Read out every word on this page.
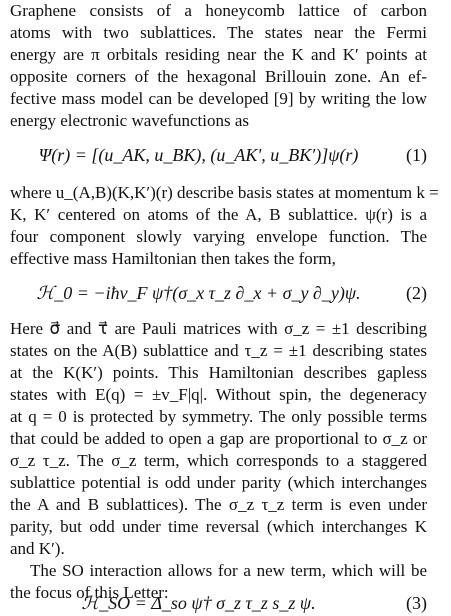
Graphene consists of a honeycomb lattice of carbon
atoms with two sublattices. The states near the Fermi
energy are π orbitals residing near the K and K′ points at
opposite corners of the hexagonal Brillouin zone. An ef-
fective mass model can be developed [9] by writing the low
energy electronic wavefunctions as
Ψ(r) = [(u_AK, u_BK), (u_AK′, u_BK′)]ψ(r)	(1)
where u_(A,B)(K,K′)(r) describe basis states at momentum k =
K, K′ centered on atoms of the A, B sublattice. ψ(r) is a
four component slowly varying envelope function. The
effective mass Hamiltonian then takes the form,
ℋ_0 = −iħv_F ψ†(σ_x τ_z ∂_x + σ_y ∂_y)ψ.	(2)
Here σ⃗ and τ⃗ are Pauli matrices with σ_z = ±1 describing
states on the A(B) sublattice and τ_z = ±1 describing states
at the K(K′) points. This Hamiltonian describes gapless
states with E(q) = ±v_F|q|. Without spin, the degeneracy
at q = 0 is protected by symmetry. The only possible terms
that could be added to open a gap are proportional to σ_z or
σ_z τ_z. The σ_z term, which corresponds to a staggered
sublattice potential is odd under parity (which interchanges
the A and B sublattices). The σ_z τ_z term is even under
parity, but odd under time reversal (which interchanges K
and K′).
The SO interaction allows for a new term, which will be
the focus of this Letter:
ℋ_SO = Δ_so ψ† σ_z τ_z s_z ψ.	(3)
